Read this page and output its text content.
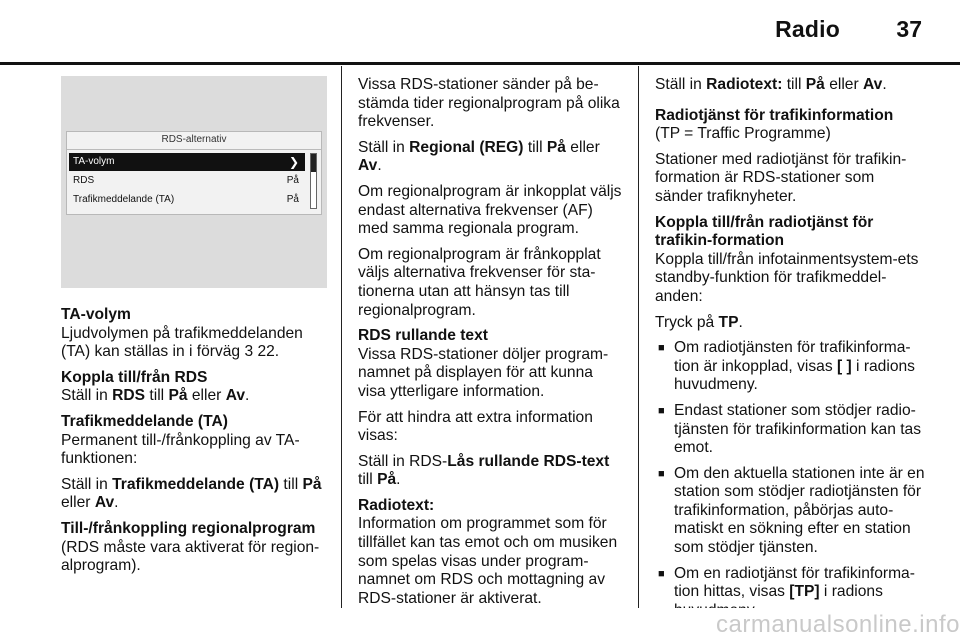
Radio 37
RDS-alternativ
TA-volym	❯
RDS	På
Trafikmeddelande (TA)	På

TA-volym

Ljudvolymen på trafikmeddelanden (TA) kan ställas in i förväg 3 22.

Koppla till/från RDS

Ställ in RDS till På eller Av.

Trafikmeddelande (TA)

Permanent till-/frånkoppling av TA-funktionen:

Ställ in Trafikmeddelande (TA) till På eller Av.

Till-/frånkoppling regionalprogram

(RDS måste vara aktiverat för region-alprogram).

Vissa RDS-stationer sänder på be-stämda tider regionalprogram på olika frekvenser.

Ställ in Regional (REG) till På eller Av.

Om regionalprogram är inkopplat väljs endast alternativa frekvenser (AF) med samma regionala program.

Om regionalprogram är frånkopplat väljs alternativa frekvenser för sta-tionerna utan att hänsyn tas till regionalprogram.

RDS rullande text

Vissa RDS-stationer döljer program-namnet på displayen för att kunna visa ytterligare information.

För att hindra att extra information visas:

Ställ in RDS-Lås rullande RDS-text till På.

Radiotext:

Information om programmet som för tillfället kan tas emot och om musiken som spelas visas under program-namnet om RDS och mottagning av RDS-stationer är aktiverat.

Ställ in Radiotext: till På eller Av.

Radiotjänst för trafikinformation

(TP = Traffic Programme)

Stationer med radiotjänst för trafikin-formation är RDS-stationer som sänder trafiknyheter.

Koppla till/från radiotjänst för trafikin-formation

Koppla till/från infotainmentsystem-ets standby-funktion för trafikmeddel-anden:

Tryck på TP.

■ Om radiotjänsten för trafikinforma-tion är inkopplad, visas [ ] i radions huvudmeny.
■ Endast stationer som stödjer radio-tjänsten för trafikinformation kan tas emot.
■ Om den aktuella stationen inte är en station som stödjer radiotjänsten för trafikinformation, påbörjas auto-matiskt en sökning efter en station som stödjer tjänsten.
■ Om en radiotjänst för trafikinforma-tion hittas, visas [TP] i radions
carmanualsonline.info
